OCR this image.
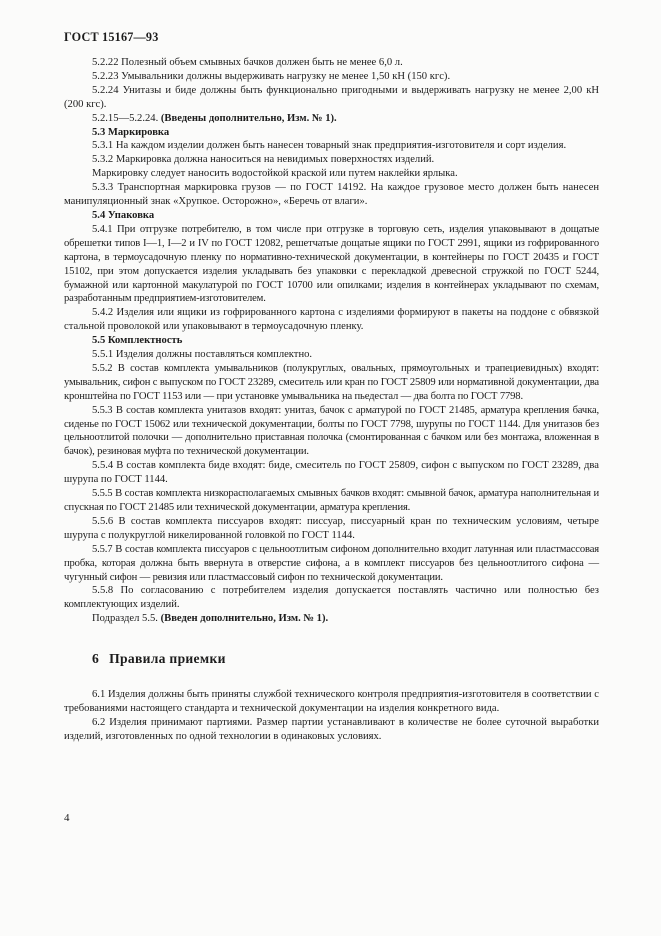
ГОСТ 15167—93

5.2.22 Полезный объем смывных бачков должен быть не менее 6,0 л.

5.2.23 Умывальники должны выдерживать нагрузку не менее 1,50 кН (150 кгс).

5.2.24 Унитазы и биде должны быть функционально пригодными и выдерживать нагрузку не менее 2,00 кН (200 кгс).

5.2.15—5.2.24. (Введены дополнительно, Изм. № 1).

5.3 Маркировка

5.3.1 На каждом изделии должен быть нанесен товарный знак предприятия-изготовителя и сорт изделия.

5.3.2 Маркировка должна наноситься на невидимых поверхностях изделий.

Маркировку следует наносить водостойкой краской или путем наклейки ярлыка.

5.3.3 Транспортная маркировка грузов — по ГОСТ 14192. На каждое грузовое место должен быть нанесен манипуляционный знак «Хрупкое. Осторожно», «Беречь от влаги».

5.4 Упаковка

5.4.1 При отгрузке потребителю, в том числе при отгрузке в торговую сеть, изделия упаковывают в дощатые обрешетки типов I—1, I—2 и IV по ГОСТ 12082, решетчатые дощатые ящики по ГОСТ 2991, ящики из гофрированного картона, в термоусадочную пленку по нормативно-технической документации, в контейнеры по ГОСТ 20435 и ГОСТ 15102, при этом допускается изделия укладывать без упаковки с перекладкой древесной стружкой по ГОСТ 5244, бумажной или картонной макулатурой по ГОСТ 10700 или опилками; изделия в контейнерах укладывают по схемам, разработанным предприятием-изготовителем.

5.4.2 Изделия или ящики из гофрированного картона с изделиями формируют в пакеты на поддоне с обвязкой стальной проволокой или упаковывают в термоусадочную пленку.

5.5 Комплектность

5.5.1 Изделия должны поставляться комплектно.

5.5.2 В состав комплекта умывальников (полукруглых, овальных, прямоугольных и трапециевидных) входят: умывальник, сифон с выпуском по ГОСТ 23289, смеситель или кран по ГОСТ 25809 или нормативной документации, два кронштейна по ГОСТ 1153 или — при установке умывальника на пьедестал — два болта по ГОСТ 7798.

5.5.3 В состав комплекта унитазов входят: унитаз, бачок с арматурой по ГОСТ 21485, арматура крепления бачка, сиденье по ГОСТ 15062 или технической документации, болты по ГОСТ 7798, шурупы по ГОСТ 1144. Для унитазов без цельноотлитой полочки — дополнительно приставная полочка (смонтированная с бачком или без монтажа, вложенная в бачок), резиновая муфта по технической документации.

5.5.4 В состав комплекта биде входят: биде, смеситель по ГОСТ 25809, сифон с выпуском по ГОСТ 23289, два шурупа по ГОСТ 1144.

5.5.5 В состав комплекта низкорасполагаемых смывных бачков входят: смывной бачок, арматура наполнительная и спускная по ГОСТ 21485 или технической документации, арматура крепления.

5.5.6 В состав комплекта писсуаров входят: писсуар, писсуарный кран по техническим условиям, четыре шурупа с полукруглой никелированной головкой по ГОСТ 1144.

5.5.7 В состав комплекта писсуаров с цельноотлитым сифоном дополнительно входит латунная или пластмассовая пробка, которая должна быть ввернута в отверстие сифона, а в комплект писсуаров без цельноотлитого сифона — чугунный сифон — ревизия или пластмассовый сифон по технической документации.

5.5.8 По согласованию с потребителем изделия допускается поставлять частично или полностью без комплектующих изделий.

Подраздел 5.5. (Введен дополнительно, Изм. № 1).

6 Правила приемки

6.1 Изделия должны быть приняты службой технического контроля предприятия-изготовителя в соответствии с требованиями настоящего стандарта и технической документации на изделия конкретного вида.

6.2 Изделия принимают партиями. Размер партии устанавливают в количестве не более суточной выработки изделий, изготовленных по одной технологии в одинаковых условиях.

4
